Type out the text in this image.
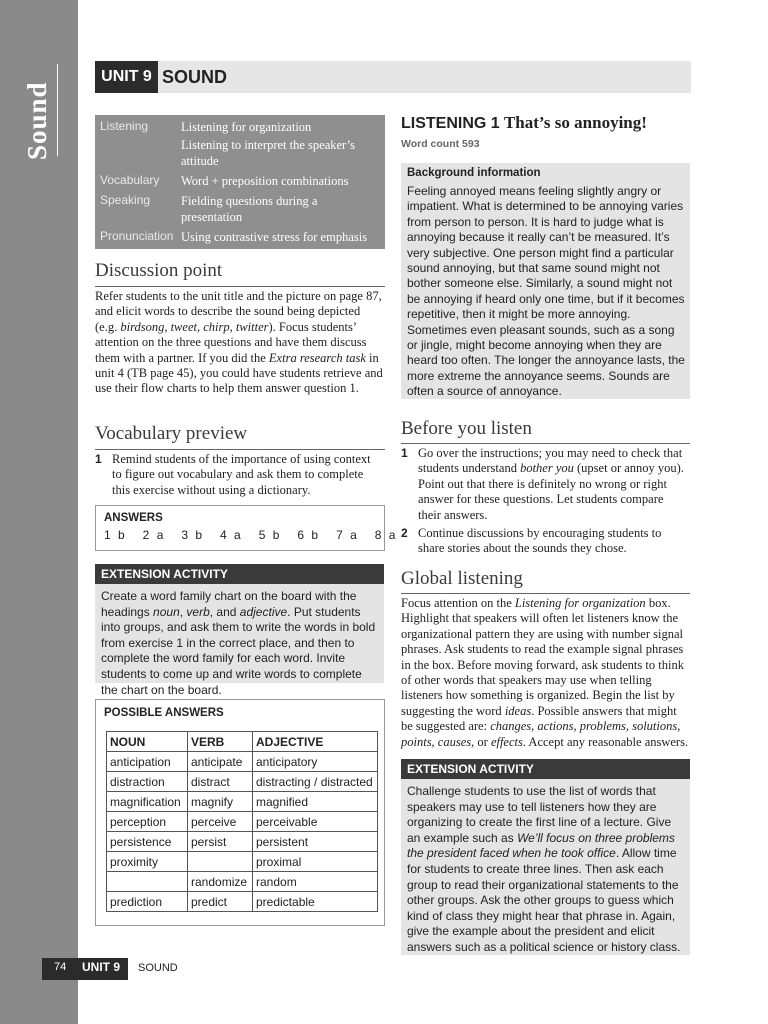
Sound
UNIT 9 SOUND
Listening	Listening for organization
Listening to interpret the speaker’s attitude
Vocabulary Word + preposition combinations
Speaking Fielding questions during a presentation
Pronunciation Using contrastive stress for emphasis
Discussion point

Refer students to the unit title and the picture on page 87, and elicit words to describe the sound being depicted (e.g. birdsong, tweet, chirp, twitter). Focus students’ attention on the three questions and have them discuss them with a partner. If you did the Extra research task in unit 4 (TB page 45), you could have students retrieve and use their flow charts to help them answer question 1.

Vocabulary preview
1 Remind students of the importance of using context to figure out vocabulary and ask them to complete this exercise without using a dictionary.
ANSWERS
1 b   2 a   3 b   4 a   5 b   6 b   7 a   8 a
EXTENSION ACTIVITY
Create a word family chart on the board with the headings noun, verb, and adjective. Put students into groups, and ask them to write the words in bold from exercise 1 in the correct place, and then to complete the word family for each word. Invite students to come up and write words to complete the chart on the board.
POSSIBLE ANSWERS
NOUN	VERB	ADJECTIVE
anticipation	anticipate	anticipatory
distraction	distract	distracting / distracted
magnification	magnify	magnified
perception	perceive	perceivable
persistence	persist	persistent
proximity		proximal
	randomize	random
prediction	predict	predictable
LISTENING 1 That’s so annoying!
Word count 593
Background information

Feeling annoyed means feeling slightly angry or impatient. What is determined to be annoying varies from person to person. It is hard to judge what is annoying because it really can’t be measured. It’s very subjective. One person might find a particular sound annoying, but that same sound might not bother someone else. Similarly, a sound might not be annoying if heard only one time, but if it becomes repetitive, then it might be more annoying. Sometimes even pleasant sounds, such as a song or jingle, might become annoying when they are heard too often. The longer the annoyance lasts, the more extreme the annoyance seems. Sounds are often a source of annoyance.

Before you listen
1 Go over the instructions; you may need to check that students understand bother you (upset or annoy you). Point out that there is definitely no wrong or right answer for these questions. Let students compare their answers.
2 Continue discussions by encouraging students to share stories about the sounds they chose.
Global listening

Focus attention on the Listening for organization box. Highlight that speakers will often let listeners know the organizational pattern they are using with number signal phrases. Ask students to read the example signal phrases in the box. Before moving forward, ask students to think of other words that speakers may use when telling listeners how something is organized. Begin the list by suggesting the word ideas. Possible answers that might be suggested are: changes, actions, problems, solutions, points, causes, or effects. Accept any reasonable answers.

EXTENSION ACTIVITY
Challenge students to use the list of words that speakers may use to tell listeners how they are organizing to create the first line of a lecture. Give an example such as We’ll focus on three problems the president faced when he took office. Allow time for students to create three lines. Then ask each group to read their organizational statements to the other groups. Ask the other groups to guess which kind of class they might hear that phrase in. Again, give the example about the president and elicit answers such as a political science or history class.
74 UNIT 9 SOUND
